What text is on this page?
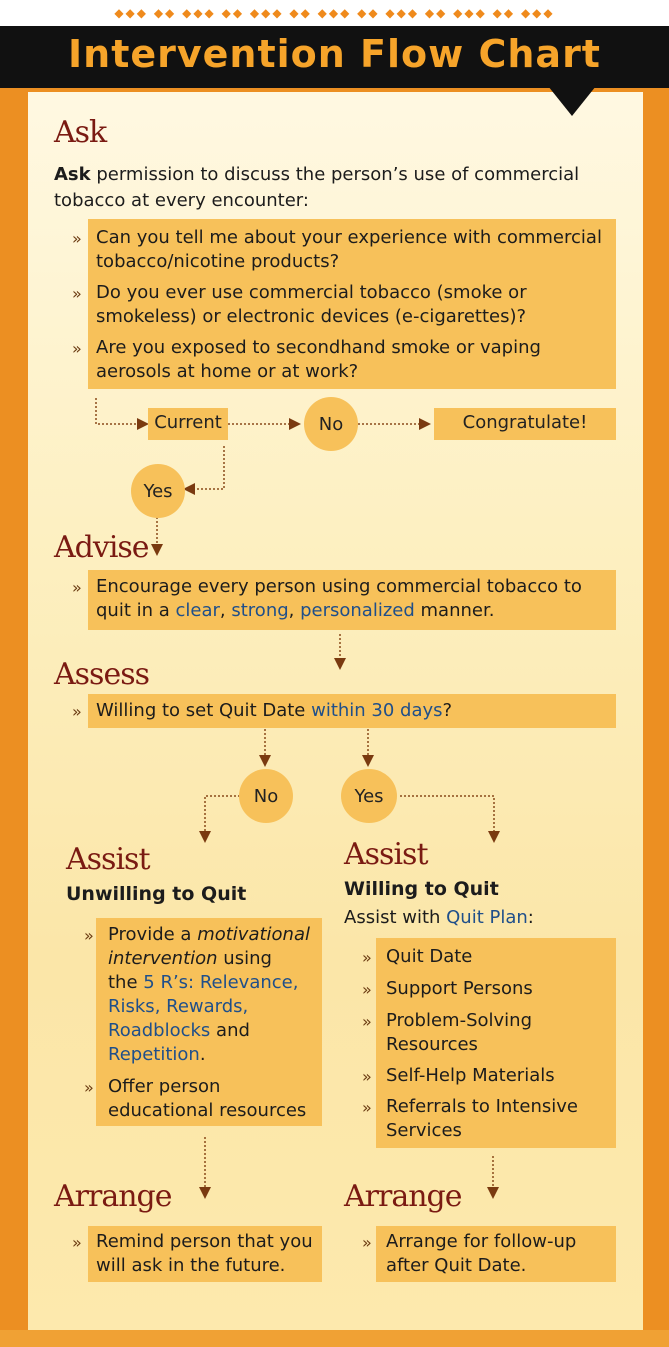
◆◆◆ ◆◆ ◆◆◆ ◆◆ ◆◆◆ ◆◆ ◆◆◆ ◆◆ ◆◆◆ ◆◆ ◆◆◆ ◆◆ ◆◆◆
Intervention Flow Chart
Ask
Ask permission to discuss the person’s use of commercial
tobacco at every encounter:
» Can you tell me about your experience with commercial
tobacco/nicotine products?
» Do you ever use commercial tobacco (smoke or
smokeless) or electronic devices (e-cigarettes)?
» Are you exposed to secondhand smoke or vaping
aerosols at home or at work?
Current	No	Congratulate!
Yes
Advise
» Encourage every person using commercial tobacco to
quit in a clear, strong, personalized manner.
Assess
» Willing to set Quit Date within 30 days?
No	Yes
Assist
Unwilling to Quit
» Provide a motivational
intervention using
the 5 R’s: Relevance,
Risks, Rewards,
Roadblocks and
Repetition.
» Offer person
educational resources
Assist
Willing to Quit
Assist with Quit Plan:
» Quit Date
» Support Persons
» Problem-Solving
Resources
» Self-Help Materials
» Referrals to Intensive
Services
Arrange
» Remind person that you
will ask in the future.
Arrange
» Arrange for follow-up
after Quit Date.
